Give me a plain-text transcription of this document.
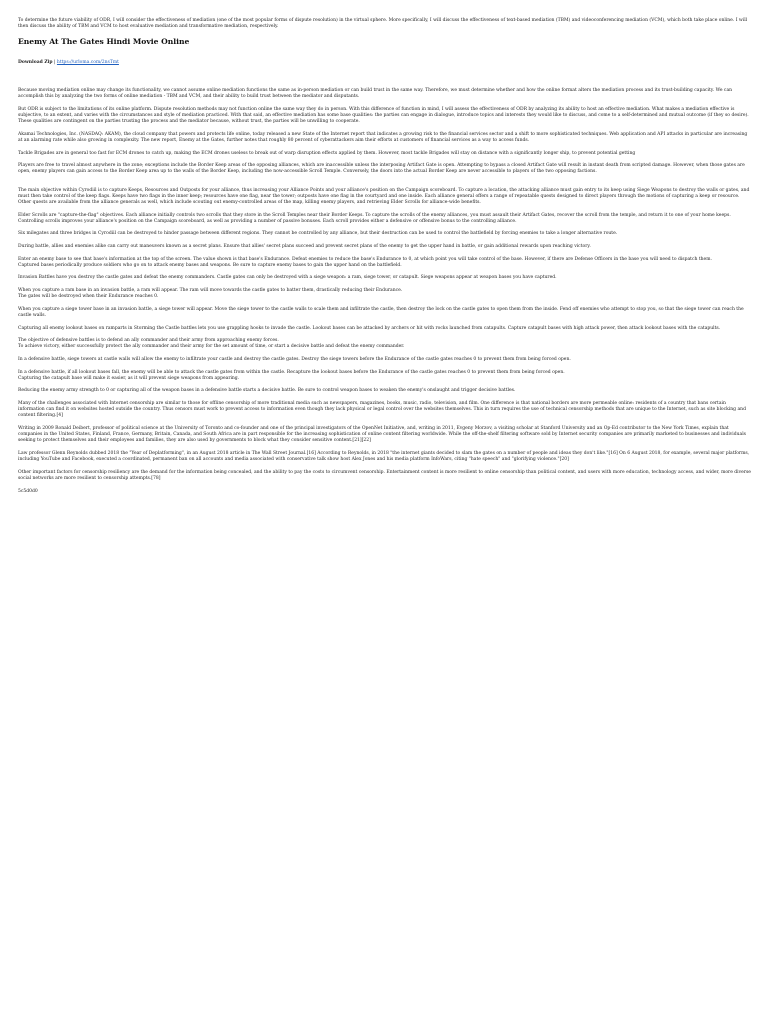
To determine the future viability of ODR, I will consider the effectiveness of mediation (one of the most popular forms of dispute resolution) in the virtual sphere. More specifically, I will discuss the effectiveness of text-based mediation (TBM) and videoconferencing mediation (VCM), which both take place online. I will then discuss the ability of TBM and VCM to host evaluative mediation and transformative mediation, respectively.

Enemy At The Gates Hindi Movie Online
Download Zip | https://urloma.com/2nsTmt

Because moving mediation online may change its functionality, we cannot assume online mediation functions the same as in-person mediation or can build trust in the same way. Therefore, we must determine whether and how the online format alters the mediation process and its trust-building capacity. We can accomplish this by analyzing the two forms of online mediation - TBM and VCM, and their ability to build trust between the mediator and disputants.

But ODR is subject to the limitations of its online platform. Dispute resolution methods may not function online the same way they do in person. With this difference of function in mind, I will assess the effectiveness of ODR by analyzing its ability to host an effective mediation. What makes a mediation effective is subjective, to an extent, and varies with the circumstances and style of mediation practiced. With that said, an effective mediation has some base qualities: the parties can engage in dialogue, introduce topics and interests they would like to discuss, and come to a self-determined and mutual outcome (if they so desire). These qualities are contingent on the parties trusting the process and the mediator because, without trust, the parties will be unwilling to cooperate.

Akamai Technologies, Inc. (NASDAQ: AKAM), the cloud company that powers and protects life online, today released a new State of the Internet report that indicates a growing risk to the financial services sector and a shift to more sophisticated techniques. Web application and API attacks in particular are increasing at an alarming rate while also growing in complexity. The new report, Enemy at the Gates, further notes that roughly 80 percent of cyberattackers aim their efforts at customers of financial services as a way to access funds.

Tackle Brigades are in general too fast for ECM drones to catch up, making the ECM drones useless to break out of warp disruption effects applied by them. However, most tackle Brigades will stay on distance with a significantly longer ship, to prevent potential getting

Players are free to travel almost anywhere in the zone; exceptions include the Border Keep areas of the opposing alliances, which are inaccessible unless the interposing Artifact Gate is open. Attempting to bypass a closed Artifact Gate will result in instant death from scripted damage. However, when those gates are open, enemy players can gain access to the Border Keep area up to the walls of the Border Keep, including the now-accessible Scroll Temple. Conversely, the doors into the actual Border Keep are never accessible to players of the two opposing factions.

The main objective within Cyrodiil is to capture Keeps, Resources and Outposts for your alliance, thus increasing your Alliance Points and your alliance's position on the Campaign scoreboard. To capture a location, the attacking alliance must gain entry to its keep using Siege Weapons to destroy the walls or gates, and must then take control of the keep flags. Keeps have two flags in the inner keep; resources have one flag, near the tower; outposts have one flag in the courtyard and one inside. Each alliance general offers a range of repeatable quests designed to direct players through the motions of capturing a keep or resource. Other quests are available from the alliance generals as well, which include scouting out enemy-controlled areas of the map, killing enemy players, and retrieving Elder Scrolls for alliance-wide benefits.

Elder Scrolls are "capture-the-flag" objectives. Each alliance initially controls two scrolls that they store in the Scroll Temples near their Border Keeps. To capture the scrolls of the enemy alliances, you must assault their Artifact Gates, recover the scroll from the temple, and return it to one of your home keeps. Controlling scrolls improves your alliance's position on the Campaign scoreboard, as well as providing a number of passive bonuses. Each scroll provides either a defensive or offensive bonus to the controlling alliance.

Six milegates and three bridges in Cyrodiil can be destroyed to hinder passage between different regions. They cannot be controlled by any alliance, but their destruction can be used to control the battlefield by forcing enemies to take a longer alternative route.

During battle, allies and enemies alike can carry out maneuvers known as a secret plans. Ensure that allies' secret plans succeed and prevent secret plans of the enemy to get the upper hand in battle, or gain additional rewards upon reaching victory.

Enter an enemy base to see that base's information at the top of the screen. The value shown is that base's Endurance. Defeat enemies to reduce the base's Endurance to 0, at which point you will take control of the base. However, if there are Defense Officers in the base you will need to dispatch them.
Captured bases periodically produce soldiers who go on to attack enemy bases and weapons. Be sure to capture enemy bases to gain the upper hand on the battlefield.

Invasion Battles have you destroy the castle gates and defeat the enemy commanders. Castle gates can only be destroyed with a siege weapon: a ram, siege tower, or catapult. Siege weapons appear at weapon bases you have captured.

When you capture a ram base in an invasion battle, a ram will appear. The ram will move towards the castle gates to batter them, drastically reducing their Endurance.
The gates will be destroyed when their Endurance reaches 0.

When you capture a siege tower base in an invasion battle, a siege tower will appear. Move the siege tower to the castle walls to scale them and infiltrate the castle, then destroy the lock on the castle gates to open them from the inside. Fend off enemies who attempt to stop you, so that the siege tower can reach the castle walls.

Capturing all enemy lookout bases on ramparts in Storming the Castle battles lets you use grappling hooks to invade the castle. Lookout bases can be attacked by archers or hit with rocks launched from catapults. Capture catapult bases with high attack power, then attack lookout bases with the catapults.

The objective of defensive battles is to defend an ally commander and their army from approaching enemy forces.
To achieve victory, either successfully protect the ally commander and their army for the set amount of time, or start a decisive battle and defeat the enemy commander.

In a defensive battle, siege towers at castle walls will allow the enemy to infiltrate your castle and destroy the castle gates. Destroy the siege towers before the Endurance of the castle gates reaches 0 to prevent them from being forced open.

In a defensive battle, if all lookout bases fall, the enemy will be able to attack the castle gates from within the castle. Recapture the lookout bases before the Endurance of the castle gates reaches 0 to prevent them from being forced open.
Capturing the catapult base will make it easier, as it will prevent siege weapons from appearing.

Reducing the enemy army strength to 0 or capturing all of the weapon bases in a defensive battle starts a decisive battle. Be sure to control weapon bases to weaken the enemy's onslaught and trigger decisive battles.

Many of the challenges associated with Internet censorship are similar to those for offline censorship of more traditional media such as newspapers, magazines, books, music, radio, television, and film. One difference is that national borders are more permeable online: residents of a country that bans certain information can find it on websites hosted outside the country. Thus censors must work to prevent access to information even though they lack physical or legal control over the websites themselves. This in turn requires the use of technical censorship methods that are unique to the Internet, such as site blocking and content filtering.[4]

Writing in 2009 Ronald Deibert, professor of political science at the University of Toronto and co-founder and one of the principal investigators of the OpenNet Initiative, and, writing in 2011, Evgeny Morzov, a visiting scholar at Stanford University and an Op-Ed contributor to the New York Times, explain that companies in the United States, Finland, France, Germany, Britain, Canada, and South Africa are in part responsible for the increasing sophistication of online content filtering worldwide. While the off-the-shelf filtering software sold by Internet security companies are primarily marketed to businesses and individuals seeking to protect themselves and their employees and families, they are also used by governments to block what they consider sensitive content.[21][22]

Law professor Glenn Reynolds dubbed 2018 the "Year of Deplatforming", in an August 2018 article in The Wall Street Journal.[16] According to Reynolds, in 2018 "the internet giants decided to slam the gates on a number of people and ideas they don't like."[16] On 6 August 2018, for example, several major platforms, including YouTube and Facebook, executed a coordinated, permanent ban on all accounts and media associated with conservative talk show host Alex Jones and his media platform InfoWars, citing "hate speech" and "glorifying violence."[20]

Other important factors for censorship resiliency are the demand for the information being concealed, and the ability to pay the costs to circumvent censorship. Entertainment content is more resilient to online censorship than political content, and users with more education, technology access, and wider, more diverse social networks are more resilient to censorship attempts.[78]

5c5d0d0
